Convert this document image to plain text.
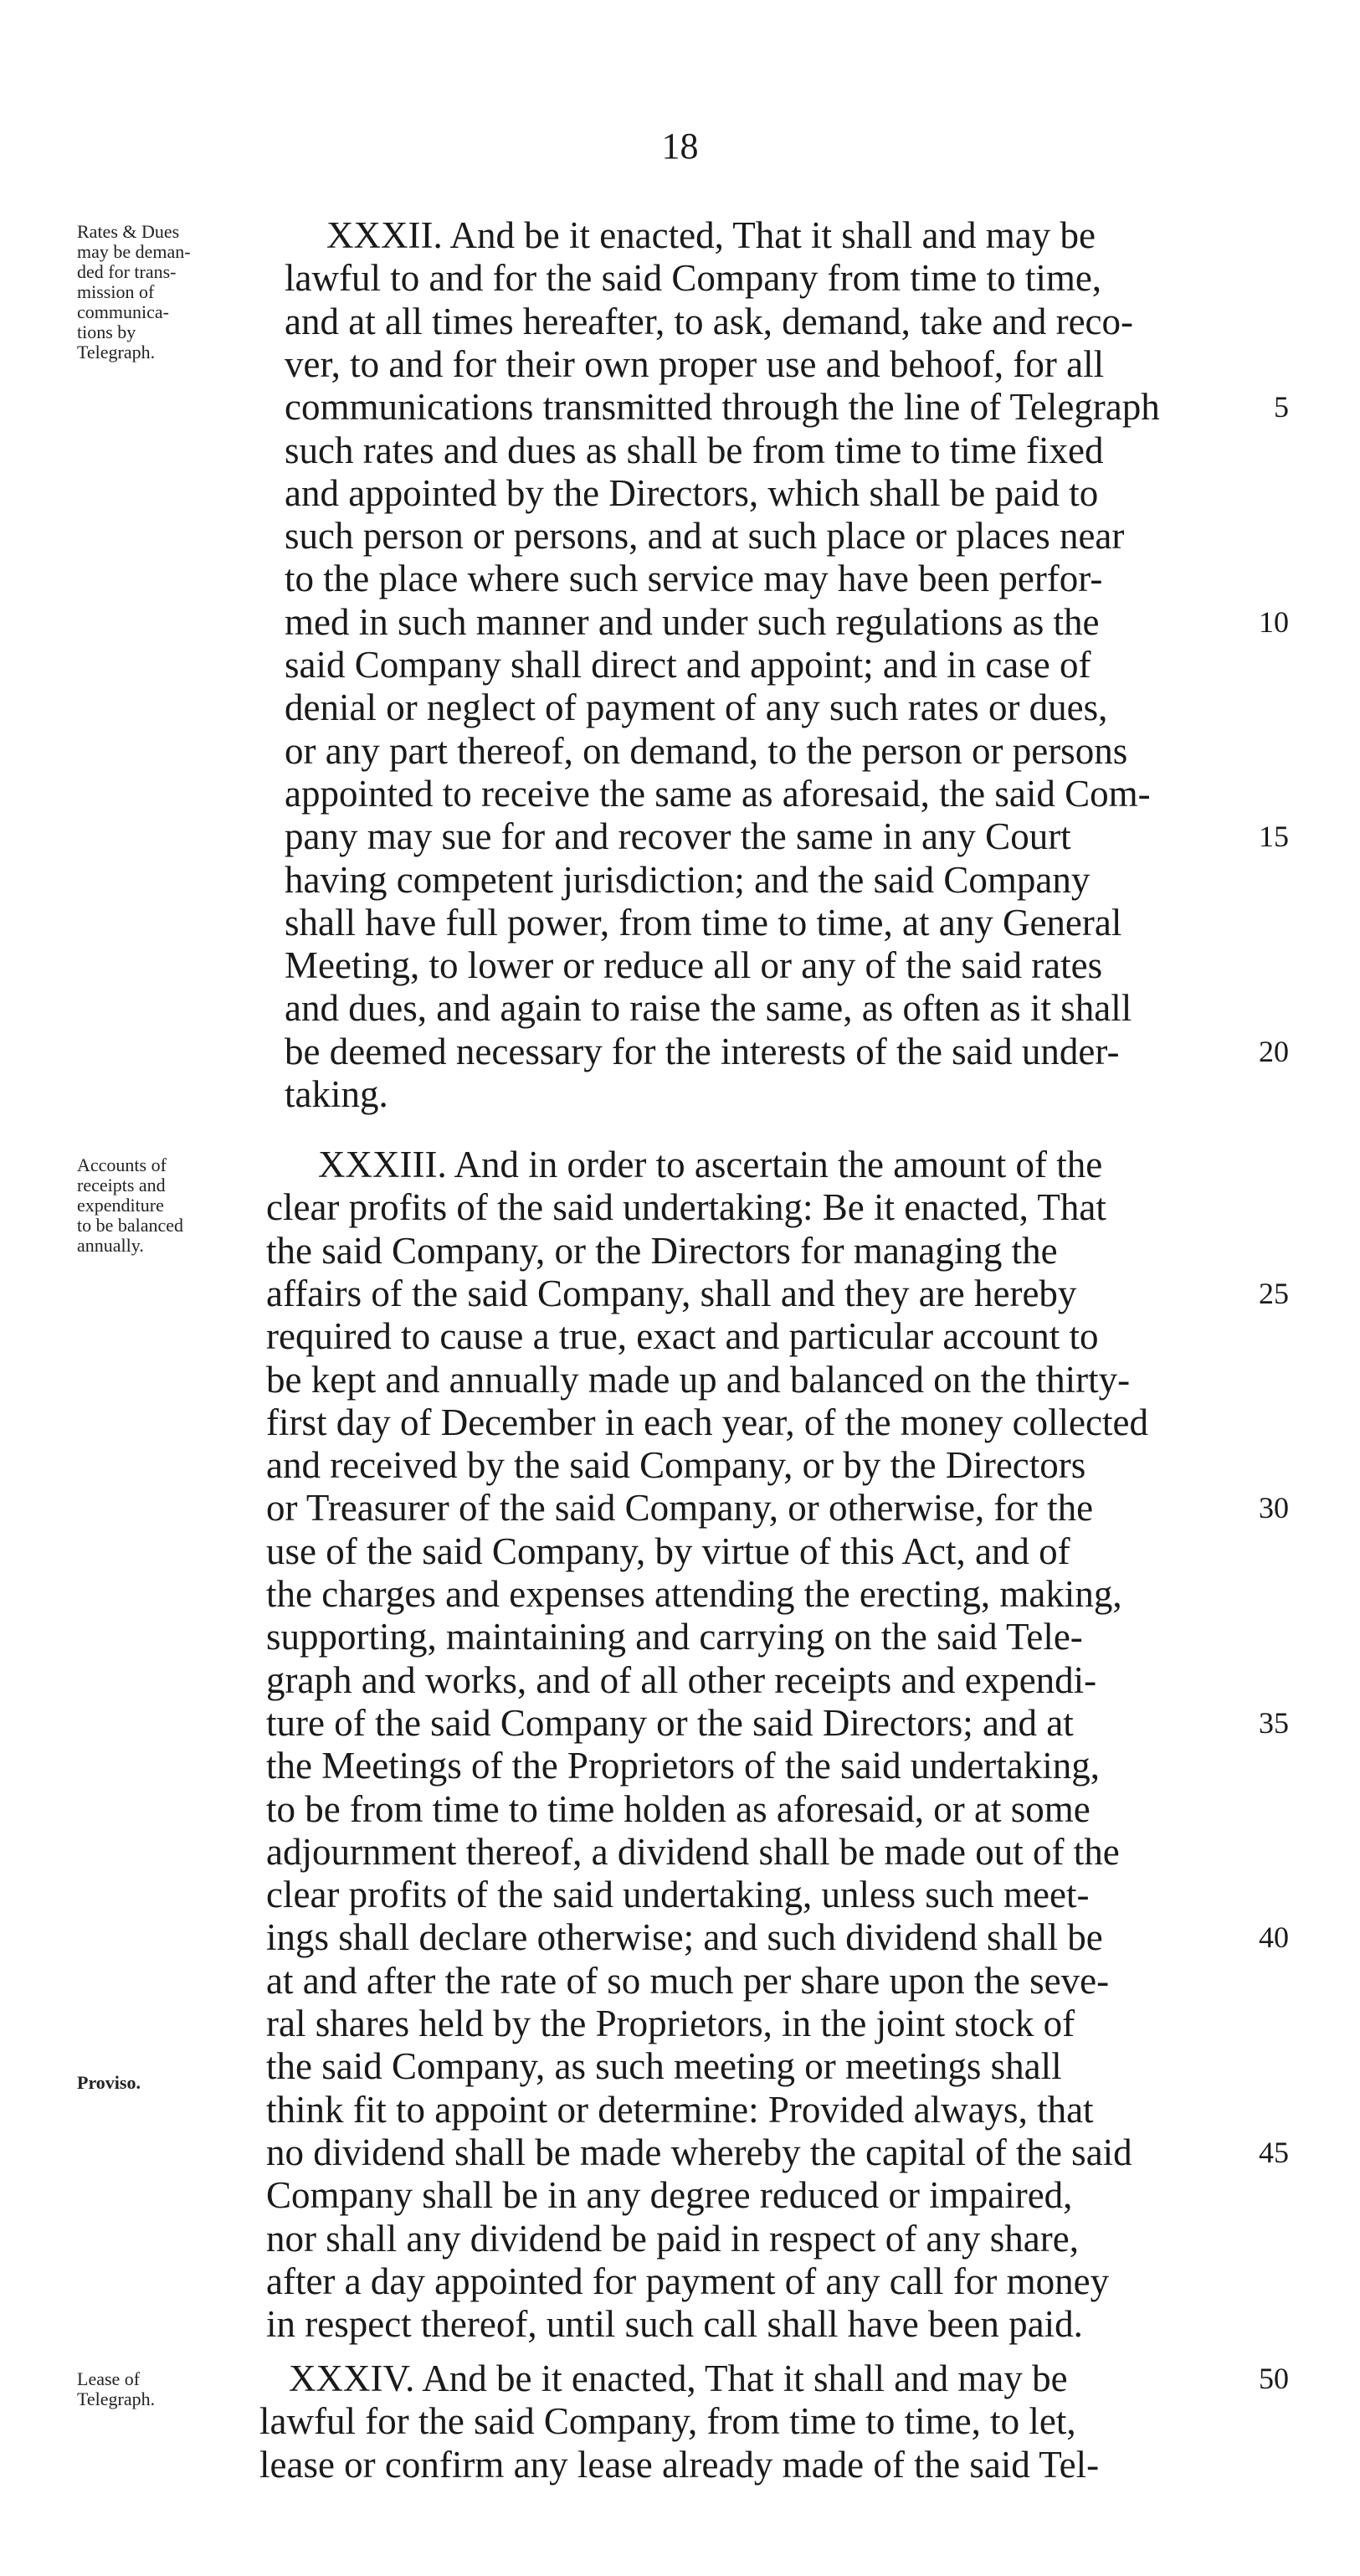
18
Rates & Dues
may be deman-
ded for trans-
mission of
communica-
tions by
Telegraph.
XXXII. And be it enacted, That it shall and may be
lawful to and for the said Company from time to time,
and at all times hereafter, to ask, demand, take and reco-
ver, to and for their own proper use and behoof, for all
communications transmitted through the line of Telegraph
such rates and dues as shall be from time to time fixed
and appointed by the Directors, which shall be paid to
such person or persons, and at such place or places near
to the place where such service may have been perfor-
med in such manner and under such regulations as the
said Company shall direct and appoint; and in case of
denial or neglect of payment of any such rates or dues,
or any part thereof, on demand, to the person or persons
appointed to receive the same as aforesaid, the said Com-
pany may sue for and recover the same in any Court
having competent jurisdiction; and the said Company
shall have full power, from time to time, at any General
Meeting, to lower or reduce all or any of the said rates
and dues, and again to raise the same, as often as it shall
be deemed necessary for the interests of the said under-
taking.
5
10
15
20
Accounts of
receipts and
expenditure
to be balanced
annually.
Proviso.
XXXIII. And in order to ascertain the amount of the
clear profits of the said undertaking: Be it enacted, That
the said Company, or the Directors for managing the
affairs of the said Company, shall and they are hereby
required to cause a true, exact and particular account to
be kept and annually made up and balanced on the thirty-
first day of December in each year, of the money collected
and received by the said Company, or by the Directors
or Treasurer of the said Company, or otherwise, for the
use of the said Company, by virtue of this Act, and of
the charges and expenses attending the erecting, making,
supporting, maintaining and carrying on the said Tele-
graph and works, and of all other receipts and expendi-
ture of the said Company or the said Directors; and at
the Meetings of the Proprietors of the said undertaking,
to be from time to time holden as aforesaid, or at some
adjournment thereof, a dividend shall be made out of the
clear profits of the said undertaking, unless such meet-
ings shall declare otherwise; and such dividend shall be
at and after the rate of so much per share upon the seve-
ral shares held by the Proprietors, in the joint stock of
the said Company, as such meeting or meetings shall
think fit to appoint or determine: Provided always, that
no dividend shall be made whereby the capital of the said
Company shall be in any degree reduced or impaired,
nor shall any dividend be paid in respect of any share,
after a day appointed for payment of any call for money
in respect thereof, until such call shall have been paid.
25
30
35
40
45
Lease of
Telegraph.	XXXIV. And be it enacted, That it shall and may be
lawful for the said Company, from time to time, to let,
lease or confirm any lease already made of the said Tel-
50
